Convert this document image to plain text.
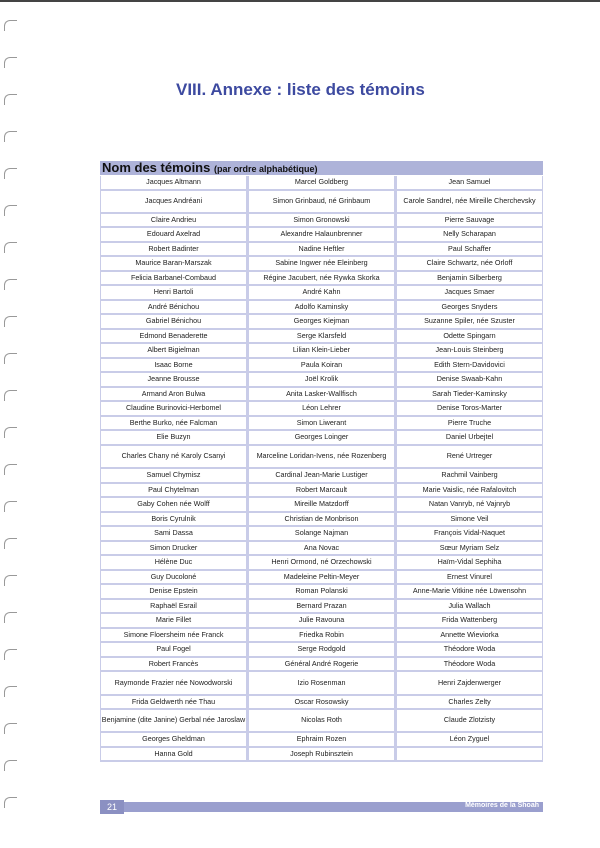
VIII. Annexe : liste des témoins
Nom des témoins (par ordre alphabétique)
Jacques Altmann
Jacques Andréani
Claire Andrieu
Edouard Axelrad
Robert Badinter
Maurice Baran-Marszak
Felicia Barbanel-Combaud
Henri Bartoli
André Bénichou
Gabriel Bénichou
Edmond Benaderette
Albert Bigielman
Isaac Borne
Jeanne Brousse
Armand Aron Bulwa
Claudine Burinovici-Herbomel
Berthe Burko, née Falcman
Elie Buzyn
Charles Chany né Karoly Csanyi
Samuel Chymisz
Paul Chytelman
Gaby Cohen née Wolff
Boris Cyrulnik
Sami Dassa
Simon Drucker
Hélène Duc
Guy Ducoloné
Denise Epstein
Raphaël Esrail
Marie Fillet
Simone Floersheim née Franck
Paul Fogel
Robert Francès
Raymonde Frazier née Nowodworski
Frida Geldwerth née Thau
Benjamine (dite Janine) Gerbal née Jaroslaw
Georges Gheldman
Hanna Gold
Marcel Goldberg
Simon Grinbaud, né Grinbaum
Simon Gronowski
Alexandre Halaunbrenner
Nadine Heftler
Sabine Ingwer née Eleinberg
Régine Jacubert, née Rywka Skorka
André Kahn
Adolfo Kaminsky
Georges Kiejman
Serge Klarsfeld
Lilian Klein-Lieber
Paula Koiran
Joël Krolik
Anita Lasker-Wallfisch
Léon Lehrer
Simon Liwerant
Georges Loinger
Marceline Loridan-Ivens, née Rozenberg
Cardinal Jean-Marie Lustiger
Robert Marcault
Mireille Matzdorff
Christian de Monbrison
Solange Najman
Ana Novac
Henri Ormond, né Orzechowski
Madeleine Peltin-Meyer
Roman Polanski
Bernard Prazan
Julie Ravouna
Friedka Robin
Serge Rodgold
Général André Rogerie
Izio Rosenman
Oscar Rosowsky
Nicolas Roth
Ephraim Rozen
Joseph Rubinsztein
Jean Samuel
Carole Sandrel, née Mireille Cherchevsky
Pierre Sauvage
Nelly Scharapan
Paul Schaffer
Claire Schwartz, née Orloff
Benjamin Silberberg
Jacques Smaer
Georges Snyders
Suzanne Spiler, née Szuster
Odette Spingarn
Jean-Louis Steinberg
Edith Stern-Davidovici
Denise Swaab-Kahn
Sarah Tieder-Kaminsky
Denise Toros-Marter
Pierre Truche
Daniel Urbejtel
René Urtreger
Rachmil Vainberg
Marie Vaislic, née Rafalovitch
Natan Vanryb, né Vajnryb
Simone Veil
François Vidal-Naquet
Sœur Myriam Selz
Haïm-Vidal Sephiha
Ernest Vinurel
Anne-Marie Vitkine née Löwensohn
Julia Wallach
Frida Wattenberg
Annette Wieviorka
Théodore Woda
Théodore Woda
Henri Zajdenwerger
Charles Zelty
Claude Zlotzisty
Léon Zyguel
Mémoires de la Shoah
21
